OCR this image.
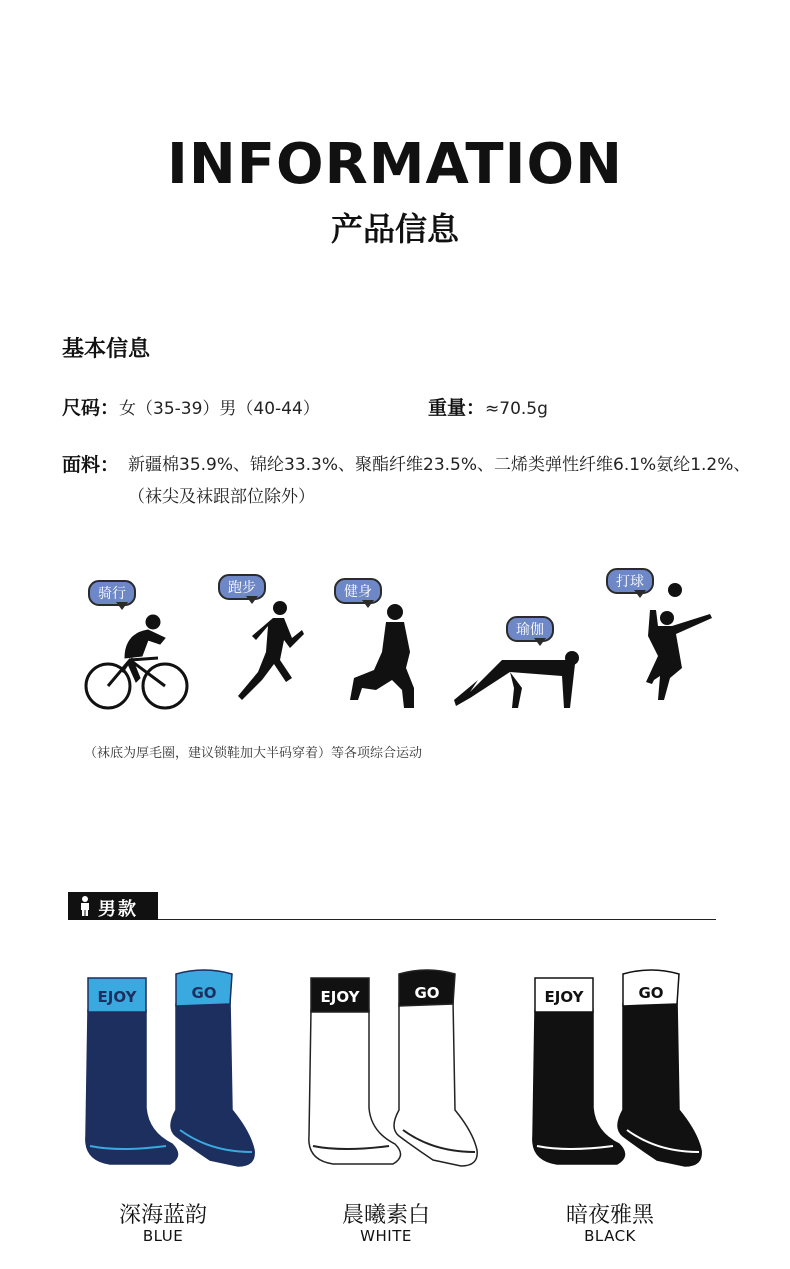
INFORMATION
产品信息
基本信息
尺码：女（35-39）男（40-44）	重量：≈70.5g
面料： 新疆棉35.9%、锦纶33.3%、聚酯纤维23.5%、二烯类弹性纤维6.1%氨纶1.2%、（袜尖及袜跟部位除外）
骑行	跑步	健身
瑜伽
打球
（袜底为厚毛圈，建议锁鞋加大半码穿着）等各项综合运动
男款
EJOY	GO	EJOY	GO	EJOY	GO
深海蓝韵
BLUE
晨曦素白
WHITE
暗夜雅黑
BLACK
